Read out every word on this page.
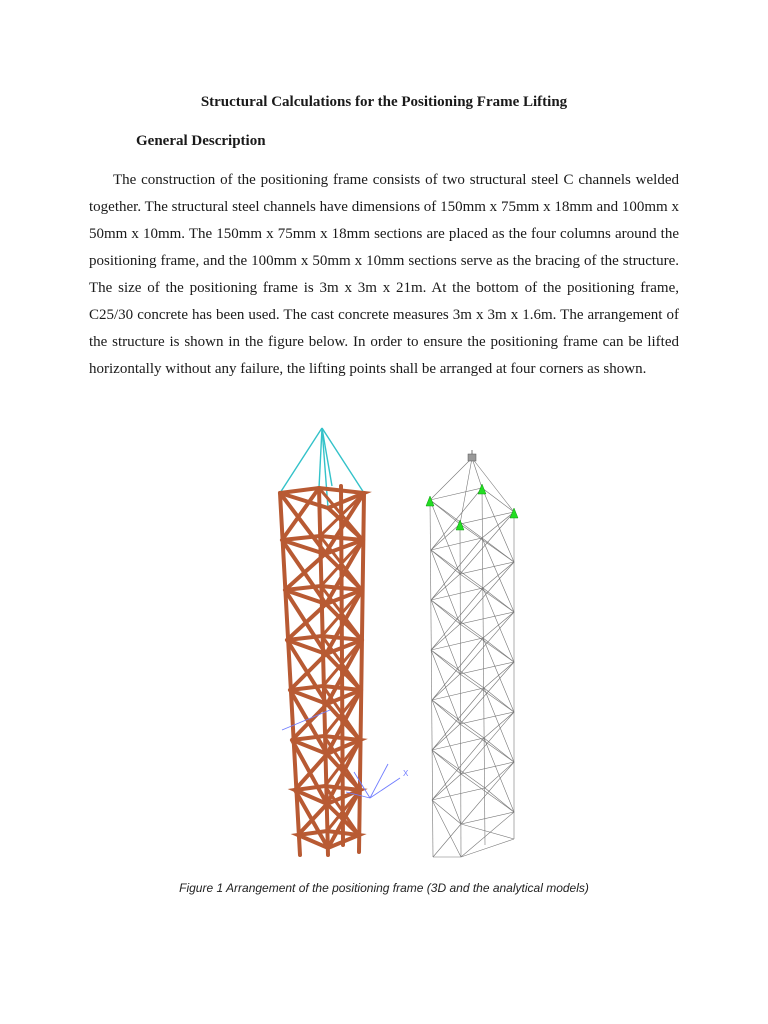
Structural Calculations for the Positioning Frame Lifting
General Description

The construction of the positioning frame consists of two structural steel C channels welded together. The structural steel channels have dimensions of 150mm x 75mm x 18mm and 100mm x 50mm x 10mm. The 150mm x 75mm x 18mm sections are placed as the four columns around the positioning frame, and the 100mm x 50mm x 10mm sections serve as the bracing of the structure. The size of the positioning frame is 3m x 3m x 21m. At the bottom of the positioning frame, C25/30 concrete has been used. The cast concrete measures 3m x 3m x 1.6m. The arrangement of the structure is shown in the figure below. In order to ensure the positioning frame can be lifted horizontally without any failure, the lifting points shall be arranged at four corners as shown.

X
Figure 1 Arrangement of the positioning frame (3D and the analytical models)
